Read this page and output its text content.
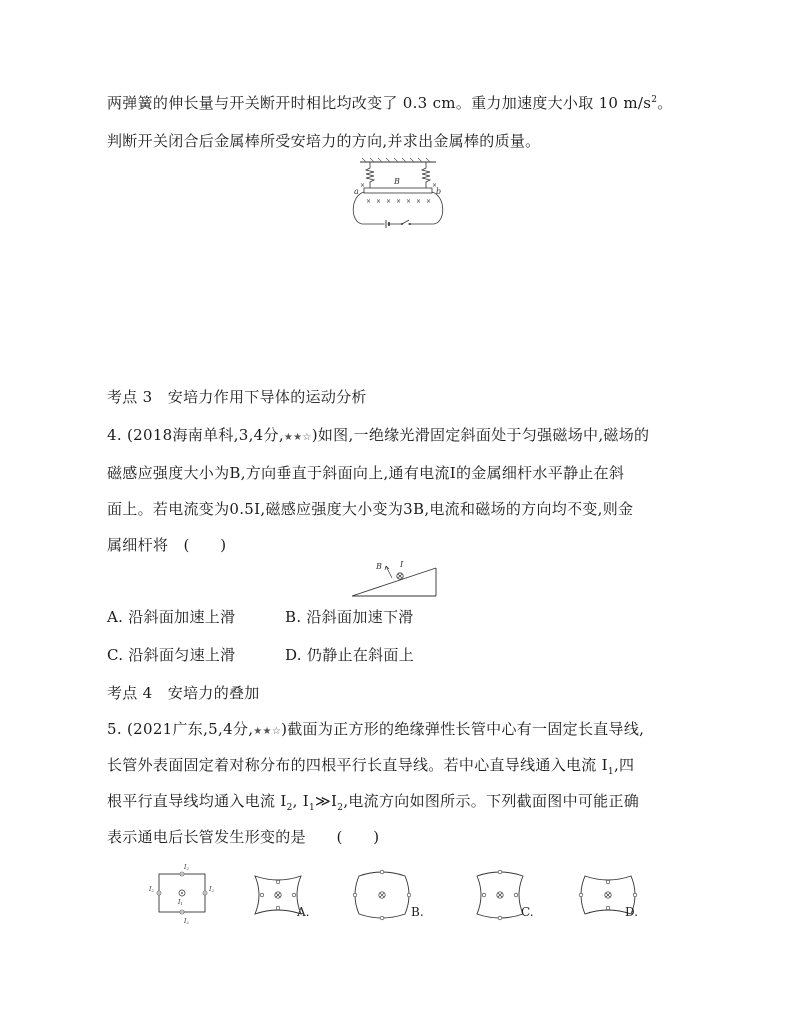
两弹簧的伸长量与开关断开时相比均改变了 0.3 cm。重力加速度大小取 10 $m/s^2$。
判断开关闭合后金属棒所受安培力的方向,并求出金属棒的质量。
B
a	b
× × × × ×
×	×
×	×
考点 3　安培力作用下导体的运动分析
4. (2018海南单科,3,4分,★★☆)如图,一绝缘光滑固定斜面处于匀强磁场中,磁场的
磁感应强度大小为B,方向垂直于斜面向上,通有电流I的金属细杆水平静止在斜
面上。若电流变为0.5I,磁感应强度大小变为3B,电流和磁场的方向均不变,则金
属细杆将　(　　)
B I
A. 沿斜面加速上滑	B. 沿斜面加速下滑
C. 沿斜面匀速上滑	D. 仍静止在斜面上
考点 4　安培力的叠加
5. (2021广东,5,4分,★★☆)截面为正方形的绝缘弹性长管中心有一固定长直导线,
长管外表面固定着对称分布的四根平行长直导线。若中心直导线通入电流 $I_1$,四
根平行直导线均通入电流 $I_2$, $I_1≫I_2$,电流方向如图所示。下列截面图中可能正确
表示通电后长管发生形变的是　　(　　)
I2
I2
I2	I2
I1
A.	B.	C.	D.
